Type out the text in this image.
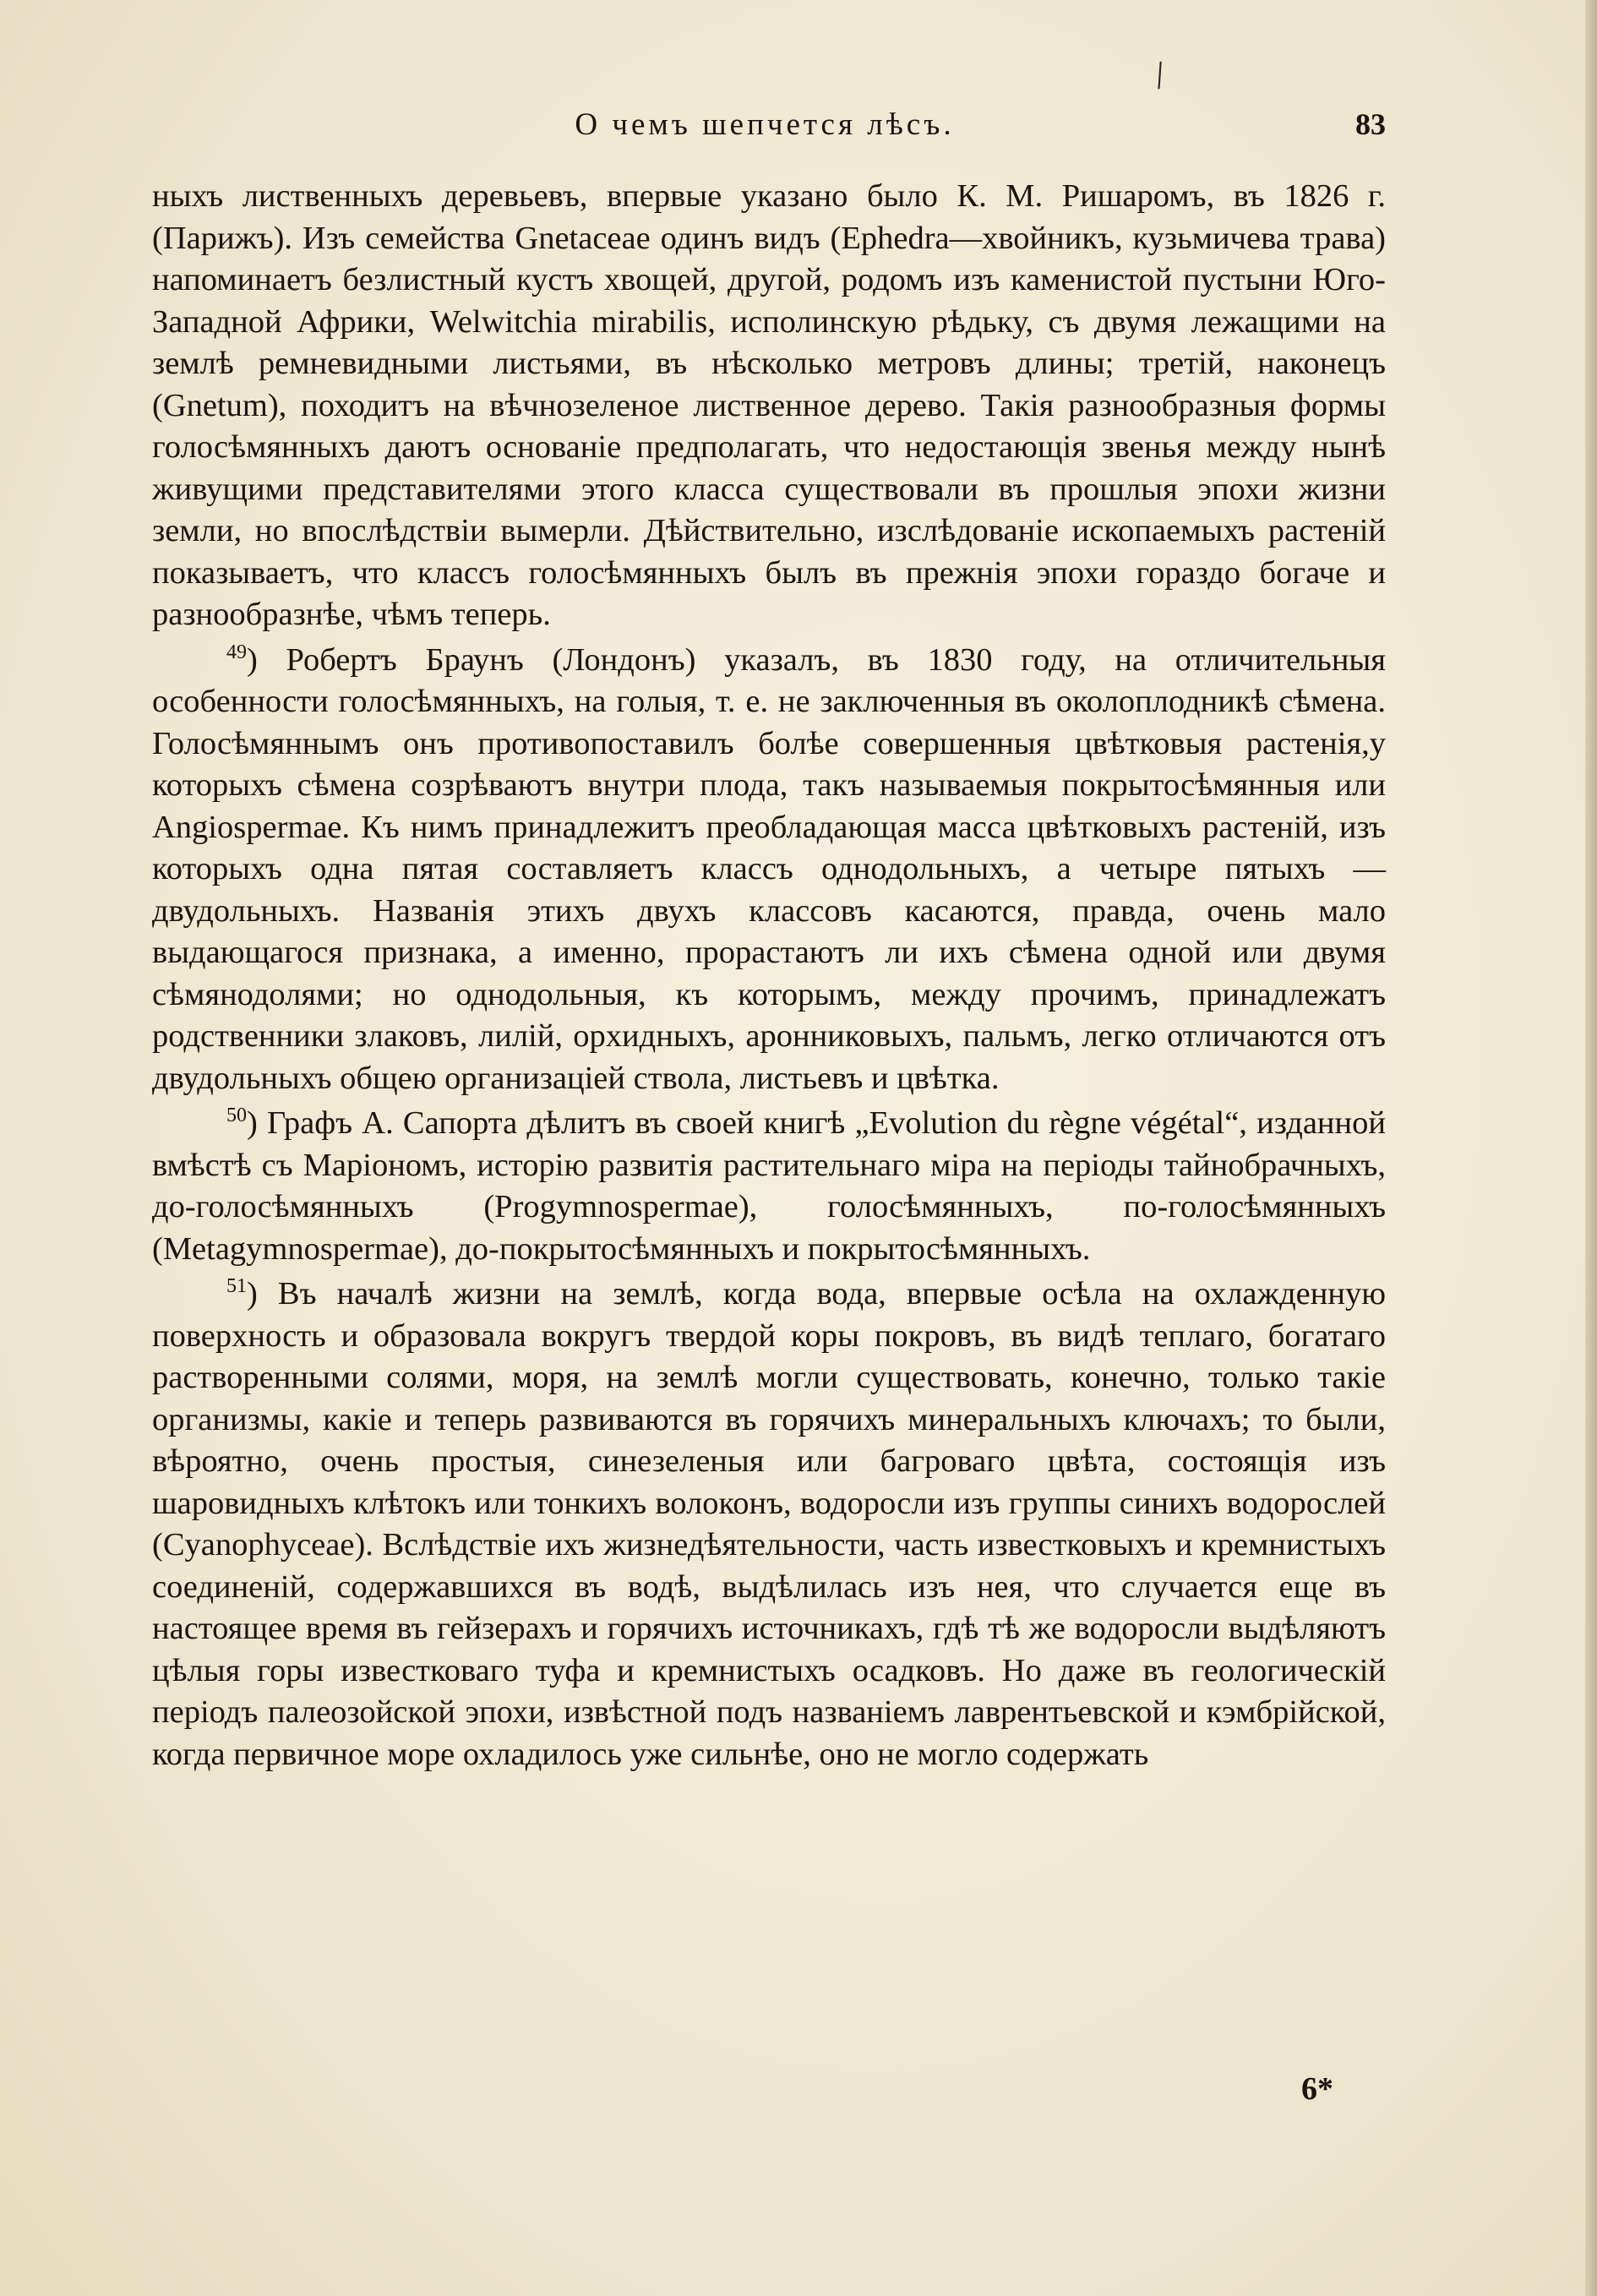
/
О чемъ шепчется лѣсъ.	83

ныхъ лиственныхъ деревьевъ, впервые указано было К. М. Ришаромъ, въ 1826 г. (Парижъ). Изъ семейства Gnetaceae одинъ видъ (Ephedra—хвойникъ, кузьмичева трава) напоминаетъ безлистный кустъ хвощей, другой, родомъ изъ каменистой пустыни Юго-Западной Африки, Welwitchia mirabilis, исполинскую рѣдьку, съ двумя лежащими на землѣ ремневидными листьями, въ нѣсколько метровъ длины; третій, наконецъ (Gnetum), походитъ на вѣчнозеленое лиственное дерево. Такія разнообразныя формы голосѣмянныхъ даютъ основаніе предполагать, что недостающія звенья между нынѣ живущими представителями этого класса существовали въ прошлыя эпохи жизни земли, но впослѣдствіи вымерли. Дѣйствительно, изслѣдованіе ископаемыхъ растеній показываетъ, что классъ голосѣмянныхъ былъ въ прежнія эпохи гораздо богаче и разнообразнѣе, чѣмъ теперь.

$^{49}$) Робертъ Браунъ (Лондонъ) указалъ, въ 1830 году, на отличительныя особенности голосѣмянныхъ, на голыя, т. е. не заключенныя въ околоплодникѣ сѣмена. Голосѣмяннымъ онъ противопоставилъ болѣе совершенныя цвѣтковыя растенія,у которыхъ сѣмена созрѣваютъ внутри плода, такъ называемыя покрытосѣмянныя или Angiospermae. Къ нимъ принадлежитъ преобладающая масса цвѣтковыхъ растеній, изъ которыхъ одна пятая составляетъ классъ однодольныхъ, а четыре пятыхъ — двудольныхъ. Названія этихъ двухъ классовъ касаются, правда, очень мало выдающагося признака, а именно, прорастаютъ ли ихъ сѣмена одной или двумя сѣмянодолями; но однодольныя, къ которымъ, между прочимъ, принадлежатъ родственники злаковъ, лилій, орхидныхъ, аронниковыхъ, пальмъ, легко отличаются отъ двудольныхъ общею организаціей ствола, листьевъ и цвѣтка.

$^{50}$) Графъ А. Сапорта дѣлитъ въ своей книгѣ „Evolution du règne végétal“, изданной вмѣстѣ съ Маріономъ, исторію развитія растительнаго міра на періоды тайнобрачныхъ, до-голосѣмянныхъ (Progymnospermae), голосѣмянныхъ, по-голосѣмянныхъ (Metagymnospermae), до-покрытосѣмянныхъ и покрытосѣмянныхъ.

$^{51}$) Въ началѣ жизни на землѣ, когда вода, впервые осѣла на охлажденную поверхность и образовала вокругъ твердой коры покровъ, въ видѣ теплаго, богатаго растворенными солями, моря, на землѣ могли существовать, конечно, только такіе организмы, какіе и теперь развиваются въ горячихъ минеральныхъ ключахъ; то были, вѣроятно, очень простыя, синезеленыя или багроваго цвѣта, состоящія изъ шаровидныхъ клѣтокъ или тонкихъ волоконъ, водоросли изъ группы синихъ водорослей (Cyanophyceae). Вслѣдствіе ихъ жизнедѣятельности, часть известковыхъ и кремнистыхъ соединеній, содержавшихся въ водѣ, выдѣлилась изъ нея, что случается еще въ настоящее время въ гейзерахъ и горячихъ источникахъ, гдѣ тѣ же водоросли выдѣляютъ цѣлыя горы известковаго туфа и кремнистыхъ осадковъ. Но даже въ геологическій періодъ палеозойской эпохи, извѣстной подъ названіемъ лаврентьевской и кэмбрійской, когда первичное море охладилось уже сильнѣе, оно не могло содержать

6*
